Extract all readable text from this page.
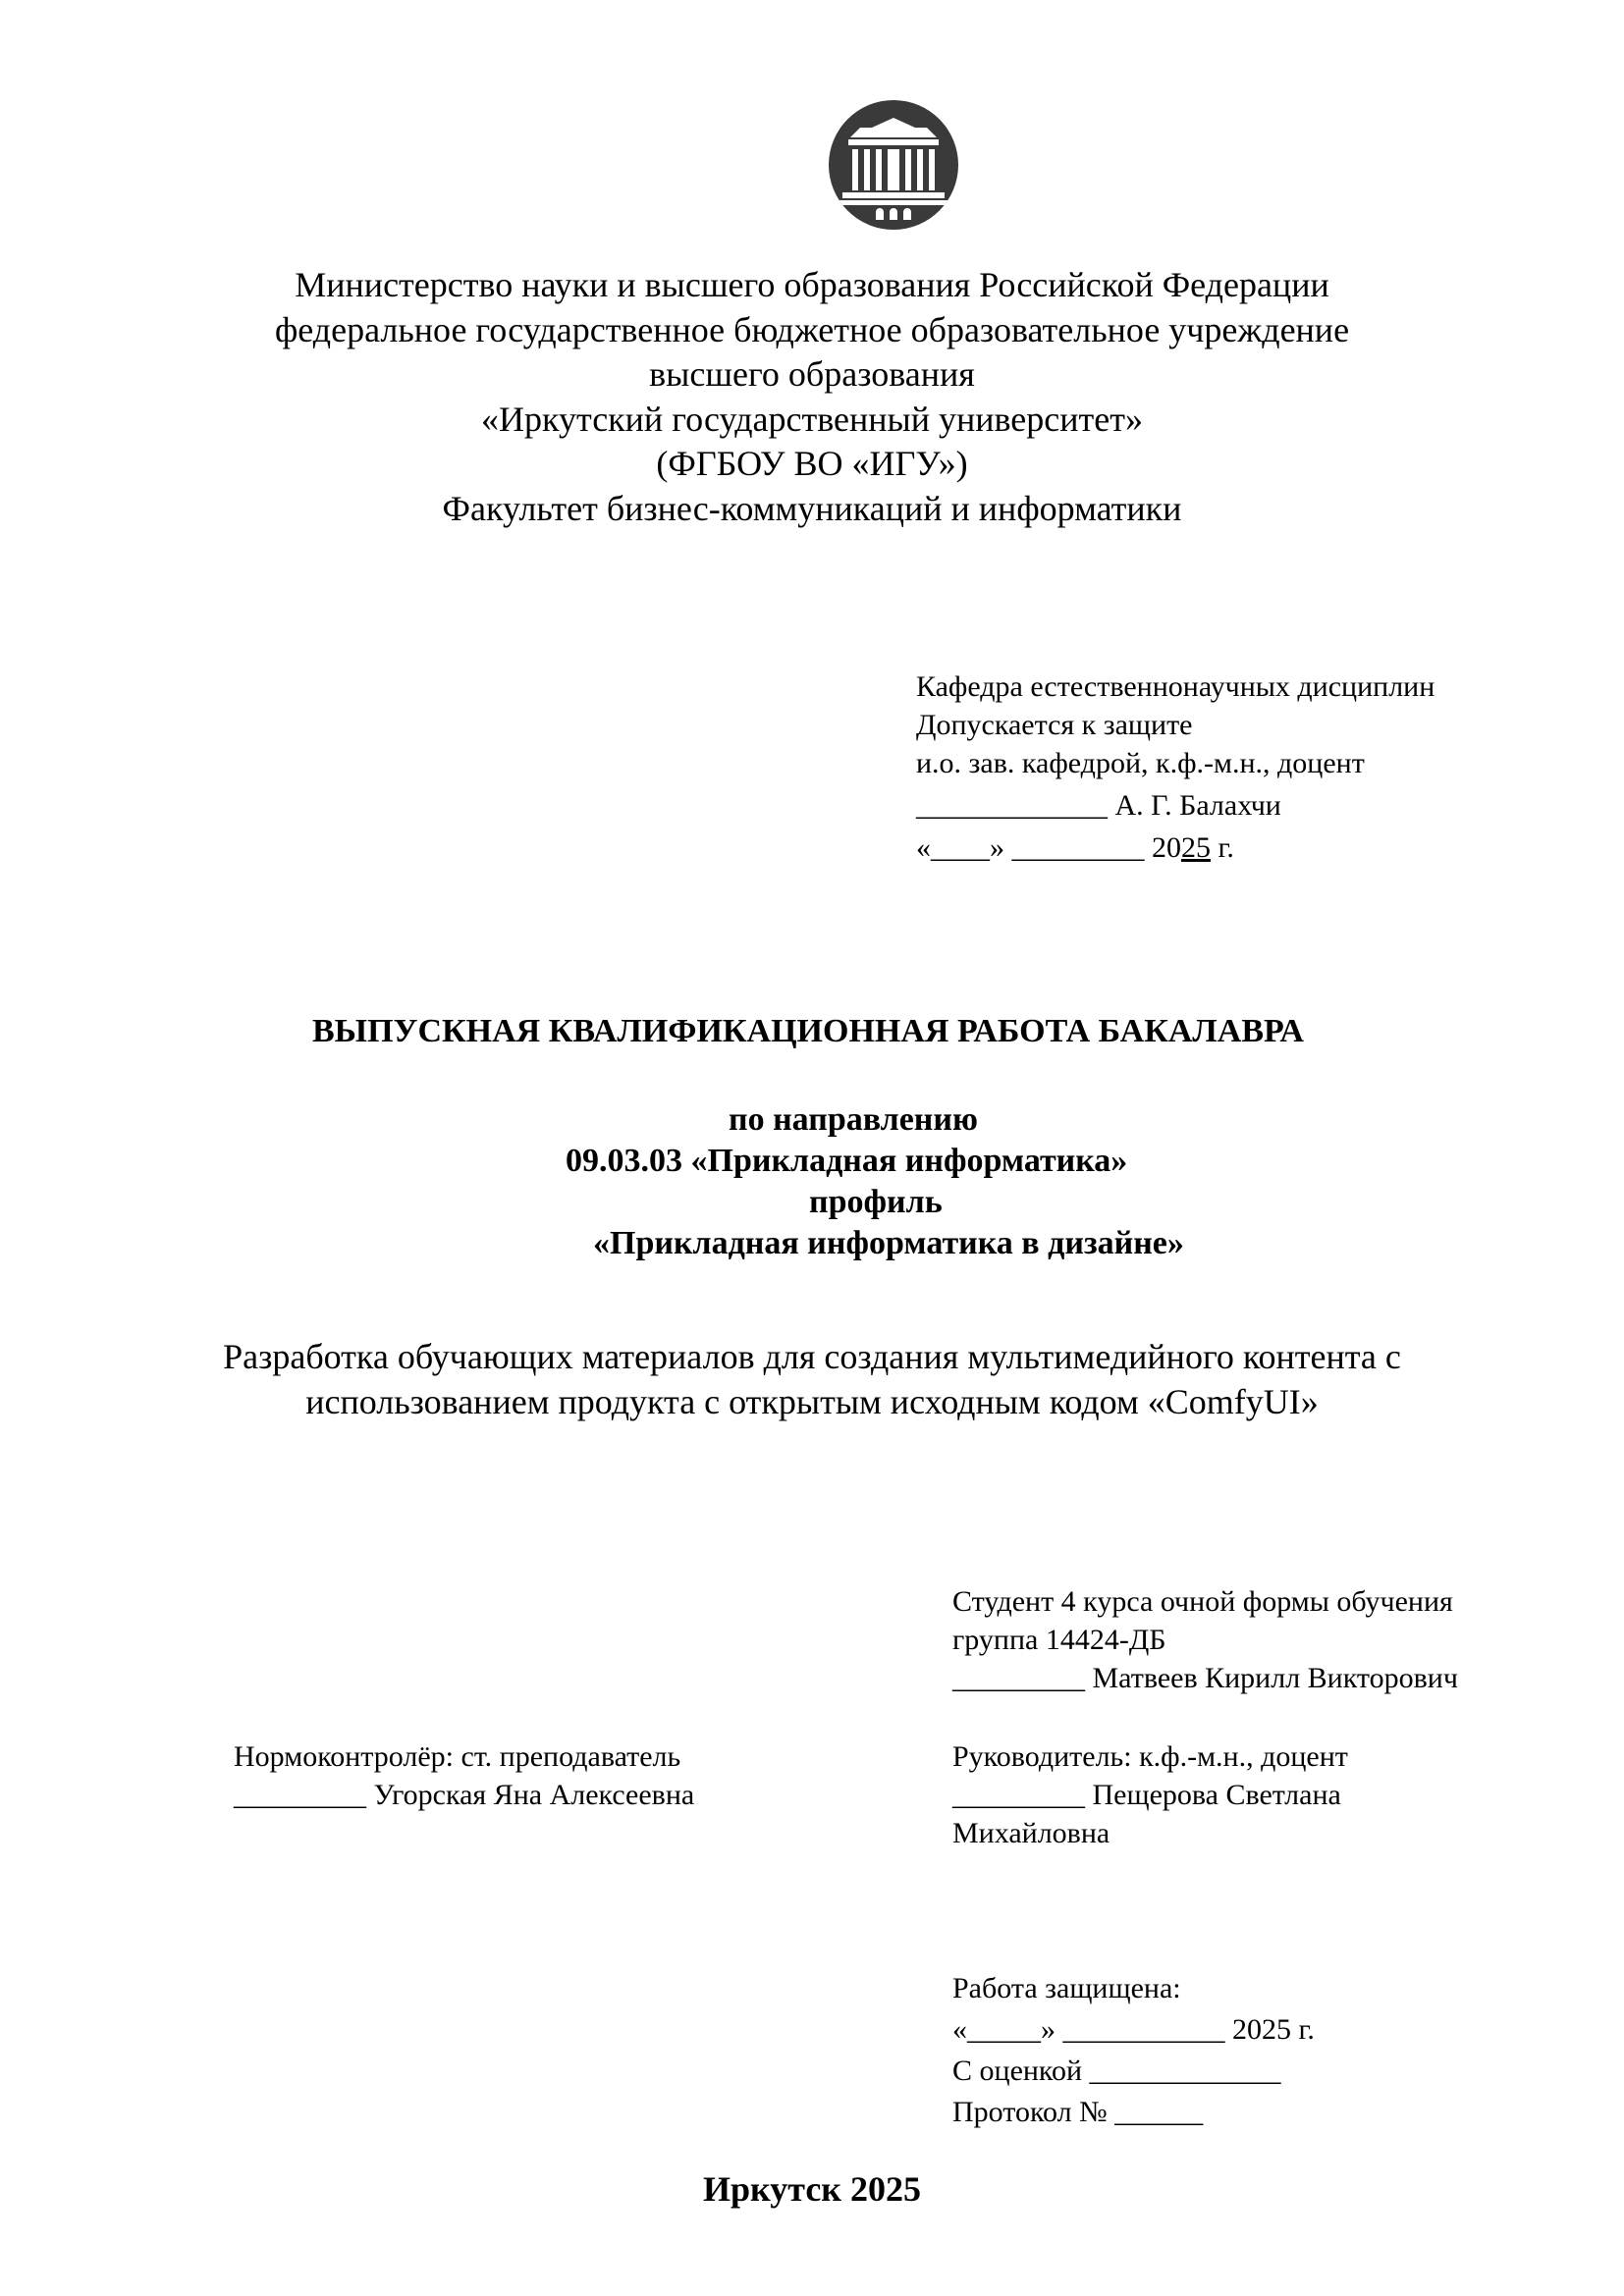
Министерство науки и высшего образования Российской Федерации
федеральное государственное бюджетное образовательное учреждение
высшего образования
«Иркутский государственный университет»
(ФГБОУ ВО «ИГУ»)
Факультет бизнес-коммуникаций и информатики
Кафедра естественнонаучных дисциплин
Допускается к защите
и.о. зав. кафедрой, к.ф.-м.н., доцент
_____________ А. Г. Балахчи
«____» _________ 2025 г.
ВЫПУСКНАЯ КВАЛИФИКАЦИОННАЯ РАБОТА БАКАЛАВРА
по направлению
09.03.03 «Прикладная информатика»
профиль
«Прикладная информатика в дизайне»
Разработка обучающих материалов для создания мультимедийного контента с
использованием продукта с открытым исходным кодом «ComfyUI»
Студент 4 курса очной формы обучения
группа 14424-ДБ
_________ Матвеев Кирилл Викторович
Нормоконтролёр: ст. преподаватель
_________ Угорская Яна Алексеевна
Руководитель: к.ф.-м.н., доцент
_________ Пещерова Светлана
Михайловна
Работа защищена:
«_____» ___________ 2025 г.
С оценкой _____________
Протокол № ______
Иркутск 2025
